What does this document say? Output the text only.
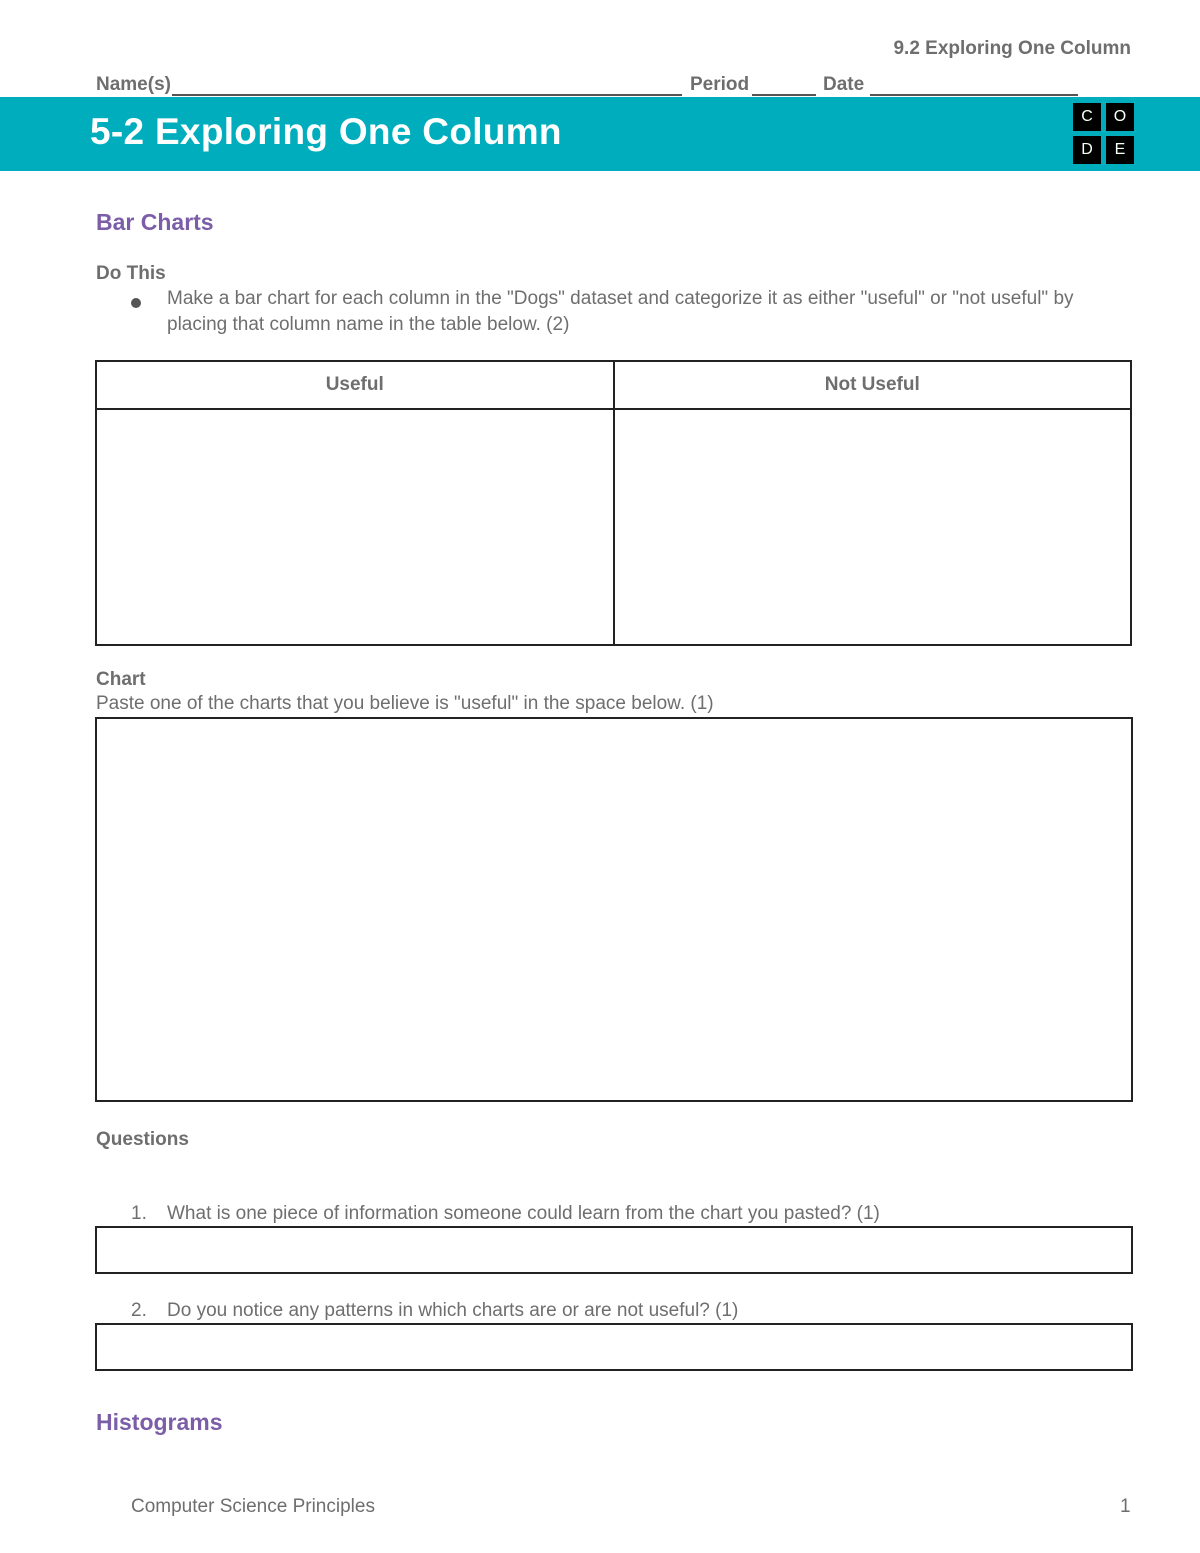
9.2 Exploring One Column
Name(s)	Period	Date
5-2 Exploring One Column	C	O
D	E
Bar Charts
Do This
Make a bar chart for each column in the "Dogs" dataset and categorize it as either "useful" or "not useful" by
placing that column name in the table below. (2)
Useful	Not Useful

Chart
Paste one of the charts that you believe is "useful" in the space below. (1)
Questions
1. What is one piece of information someone could learn from the chart you pasted? (1)
2. Do you notice any patterns in which charts are or are not useful? (1)
Histograms
Computer Science Principles	1
